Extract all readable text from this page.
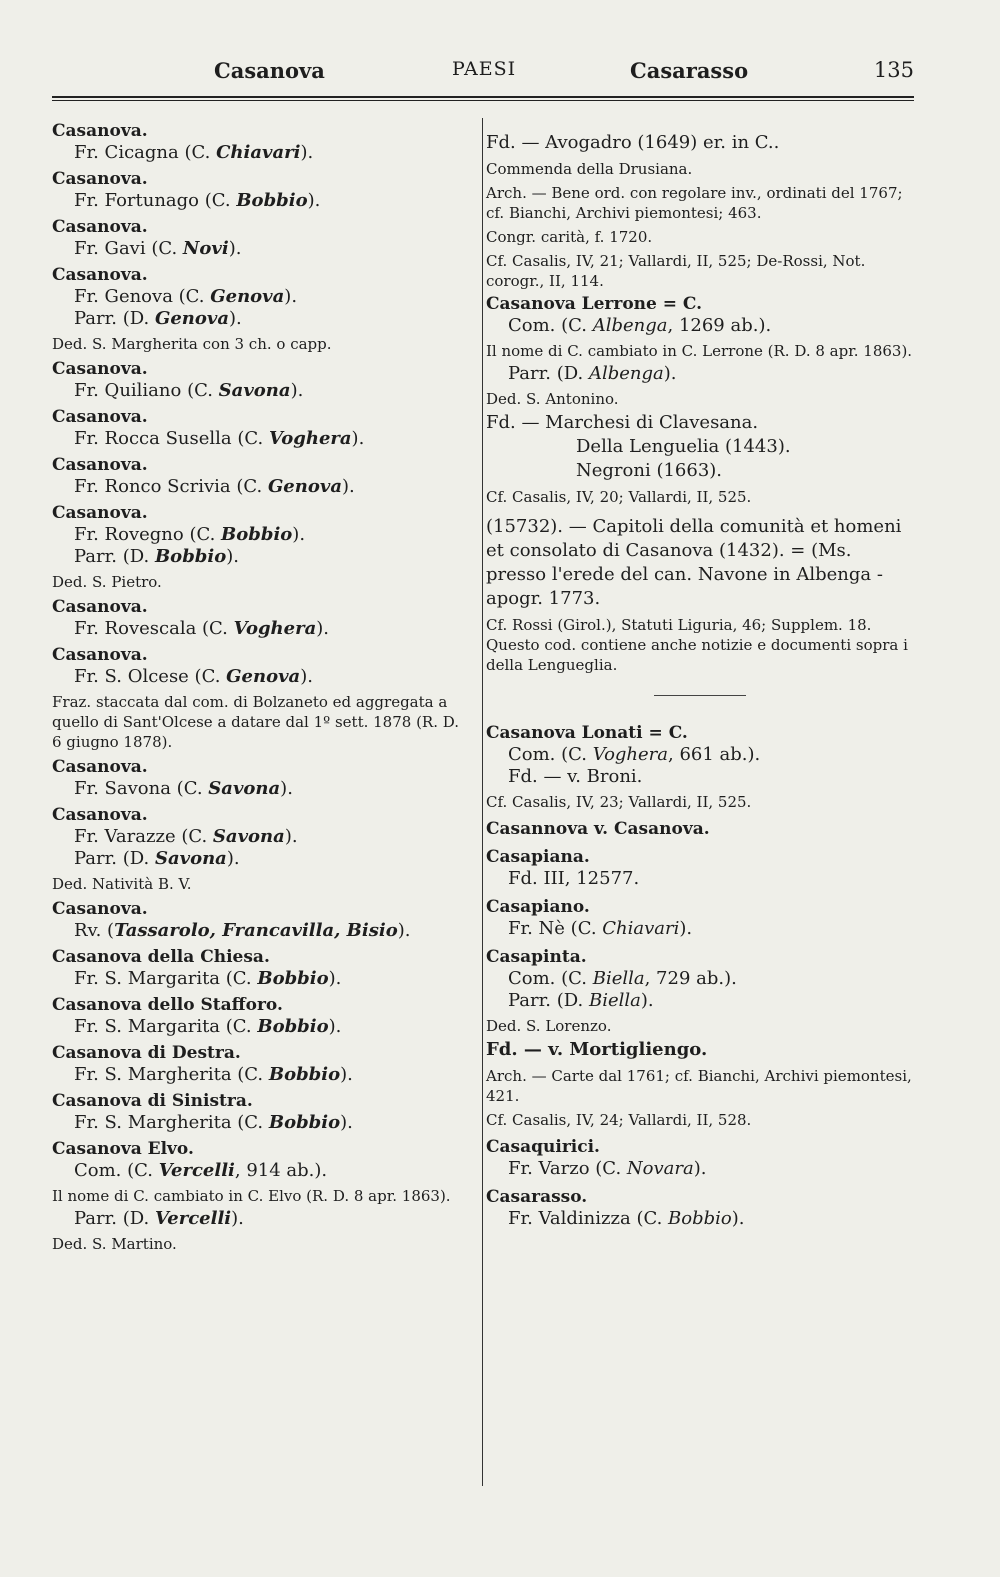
Casanova	PAESI	Casarasso	135
Casanova.
Fr. Cicagna (C. Chiavari).
Casanova.
Fr. Fortunago (C. Bobbio).
Casanova.
Fr. Gavi (C. Novi).
Casanova.
Fr. Genova (C. Genova).
Parr. (D. Genova).
Ded. S. Margherita con 3 ch. o capp.
Casanova.
Fr. Quiliano (C. Savona).
Casanova.
Fr. Rocca Susella (C. Voghera).
Casanova.
Fr. Ronco Scrivia (C. Genova).
Casanova.
Fr. Rovegno (C. Bobbio).
Parr. (D. Bobbio).
Ded. S. Pietro.
Casanova.
Fr. Rovescala (C. Voghera).
Casanova.
Fr. S. Olcese (C. Genova).
Fraz. staccata dal com. di Bolzaneto ed aggregata a quello di Sant'Olcese a datare dal 1º sett. 1878 (R. D. 6 giugno 1878).
Casanova.
Fr. Savona (C. Savona).
Casanova.
Fr. Varazze (C. Savona).
Parr. (D. Savona).
Ded. Natività B. V.
Casanova.
Rv. (Tassarolo, Francavilla, Bisio).
Casanova della Chiesa.
Fr. S. Margarita (C. Bobbio).
Casanova dello Stafforo.
Fr. S. Margarita (C. Bobbio).
Casanova di Destra.
Fr. S. Margherita (C. Bobbio).
Casanova di Sinistra.
Fr. S. Margherita (C. Bobbio).
Casanova Elvo.
Com. (C. Vercelli, 914 ab.).
Il nome di C. cambiato in C. Elvo (R. D. 8 apr. 1863).
Parr. (D. Vercelli).
Ded. S. Martino.
Fd. — Avogadro (1649) er. in C..
Commenda della Drusiana.
Arch. — Bene ord. con regolare inv., ordinati del 1767; cf. Bianchi, Archivi piemontesi; 463.
Congr. carità, f. 1720.
Cf. Casalis, IV, 21; Vallardi, II, 525; De-Rossi, Not. corogr., II, 114.
Casanova Lerrone = C.
Com. (C. Albenga, 1269 ab.).
Il nome di C. cambiato in C. Lerrone (R. D. 8 apr. 1863).
Parr. (D. Albenga).
Ded. S. Antonino.
Fd. — Marchesi di Clavesana.
Della Lenguelia (1443).
Negroni (1663).
Cf. Casalis, IV, 20; Vallardi, II, 525.
(15732). — Capitoli della comunità et homeni et consolato di Casanova (1432). = (Ms. presso l'erede del can. Navone in Albenga - apogr. 1773.
Cf. Rossi (Girol.), Statuti Liguria, 46; Supplem. 18. Questo cod. contiene anche notizie e documenti sopra i della Lengueglia.
Casanova Lonati = C.
Com. (C. Voghera, 661 ab.).
Fd. — v. Broni.
Cf. Casalis, IV, 23; Vallardi, II, 525.
Casannova v. Casanova.
Casapiana.
Fd. III, 12577.
Casapiano.
Fr. Nè (C. Chiavari).
Casapinta.
Com. (C. Biella, 729 ab.).
Parr. (D. Biella).
Ded. S. Lorenzo.
Fd. — v. Mortigliengo.
Arch. — Carte dal 1761; cf. Bianchi, Archivi piemontesi, 421.
Cf. Casalis, IV, 24; Vallardi, II, 528.
Casaquirici.
Fr. Varzo (C. Novara).
Casarasso.
Fr. Valdinizza (C. Bobbio).
